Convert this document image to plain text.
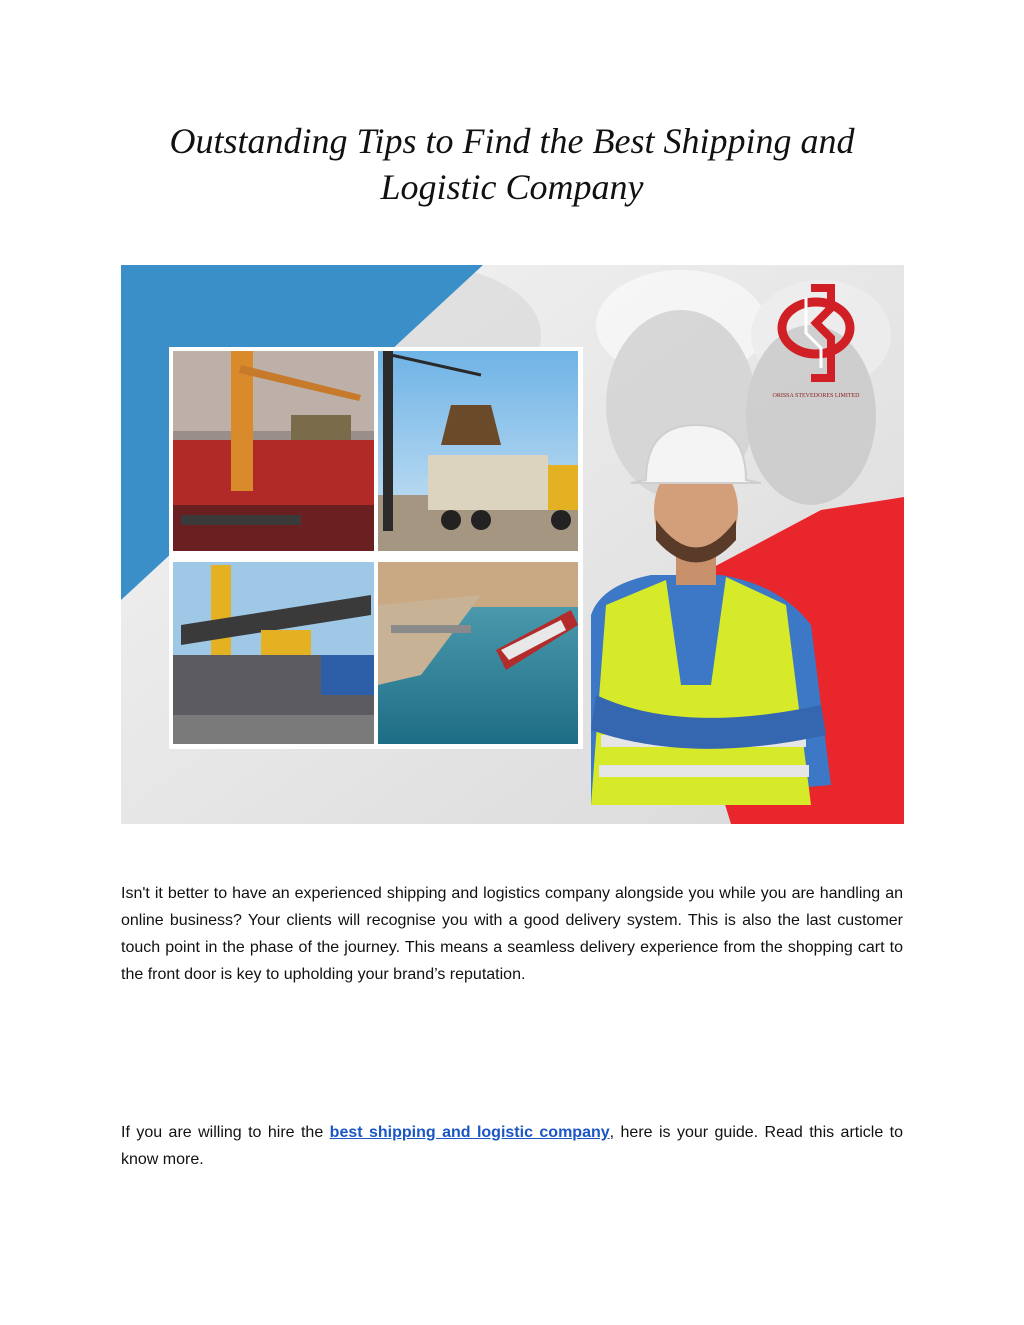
Outstanding Tips to Find the Best Shipping and
Logistic Company
ORISSA STEVEDORES LIMITED

Isn't it better to have an experienced shipping and logistics company alongside you while you are handling an online business? Your clients will recognise you with a good delivery system. This is also the last customer touch point in the phase of the journey. This means a seamless delivery experience from the shopping cart to the front door is key to upholding your brand’s reputation.

If you are willing to hire the best shipping and logistic company, here is your guide. Read this article to know more.
